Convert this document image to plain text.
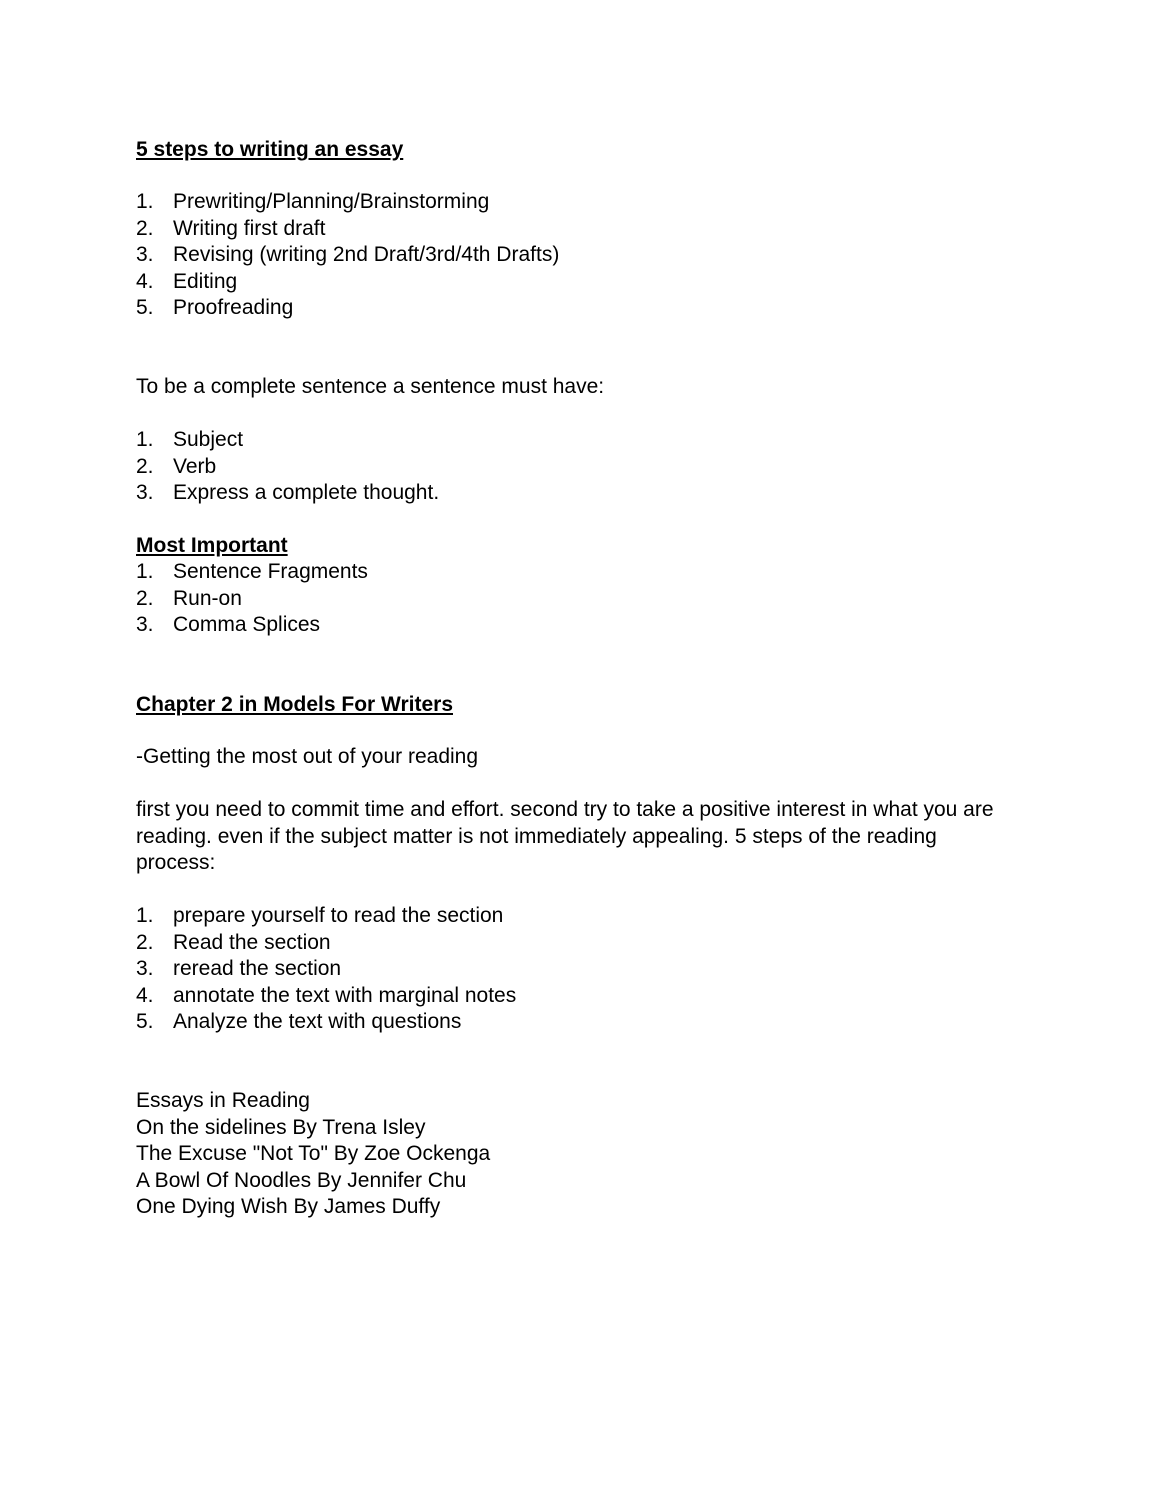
5 steps to writing an essay
1. Prewriting/Planning/Brainstorming
2. Writing first draft
3. Revising (writing 2nd Draft/3rd/4th Drafts)
4. Editing
5. Proofreading
To be a complete sentence a sentence must have:
1. Subject
2. Verb
3. Express a complete thought.
Most Important
1. Sentence Fragments
2. Run-on
3. Comma Splices
Chapter 2 in Models For Writers
-Getting the most out of your reading
first you need to commit time and effort. second try to take a positive interest in what you are reading. even if the subject matter is not immediately appealing. 5 steps of the reading process:
1. prepare yourself to read the section
2. Read the section
3. reread the section
4. annotate the text with marginal notes
5. Analyze the text with questions
Essays in Reading
On the sidelines By Trena Isley
The Excuse "Not To" By Zoe Ockenga
A Bowl Of Noodles By Jennifer Chu
One Dying Wish By James Duffy
